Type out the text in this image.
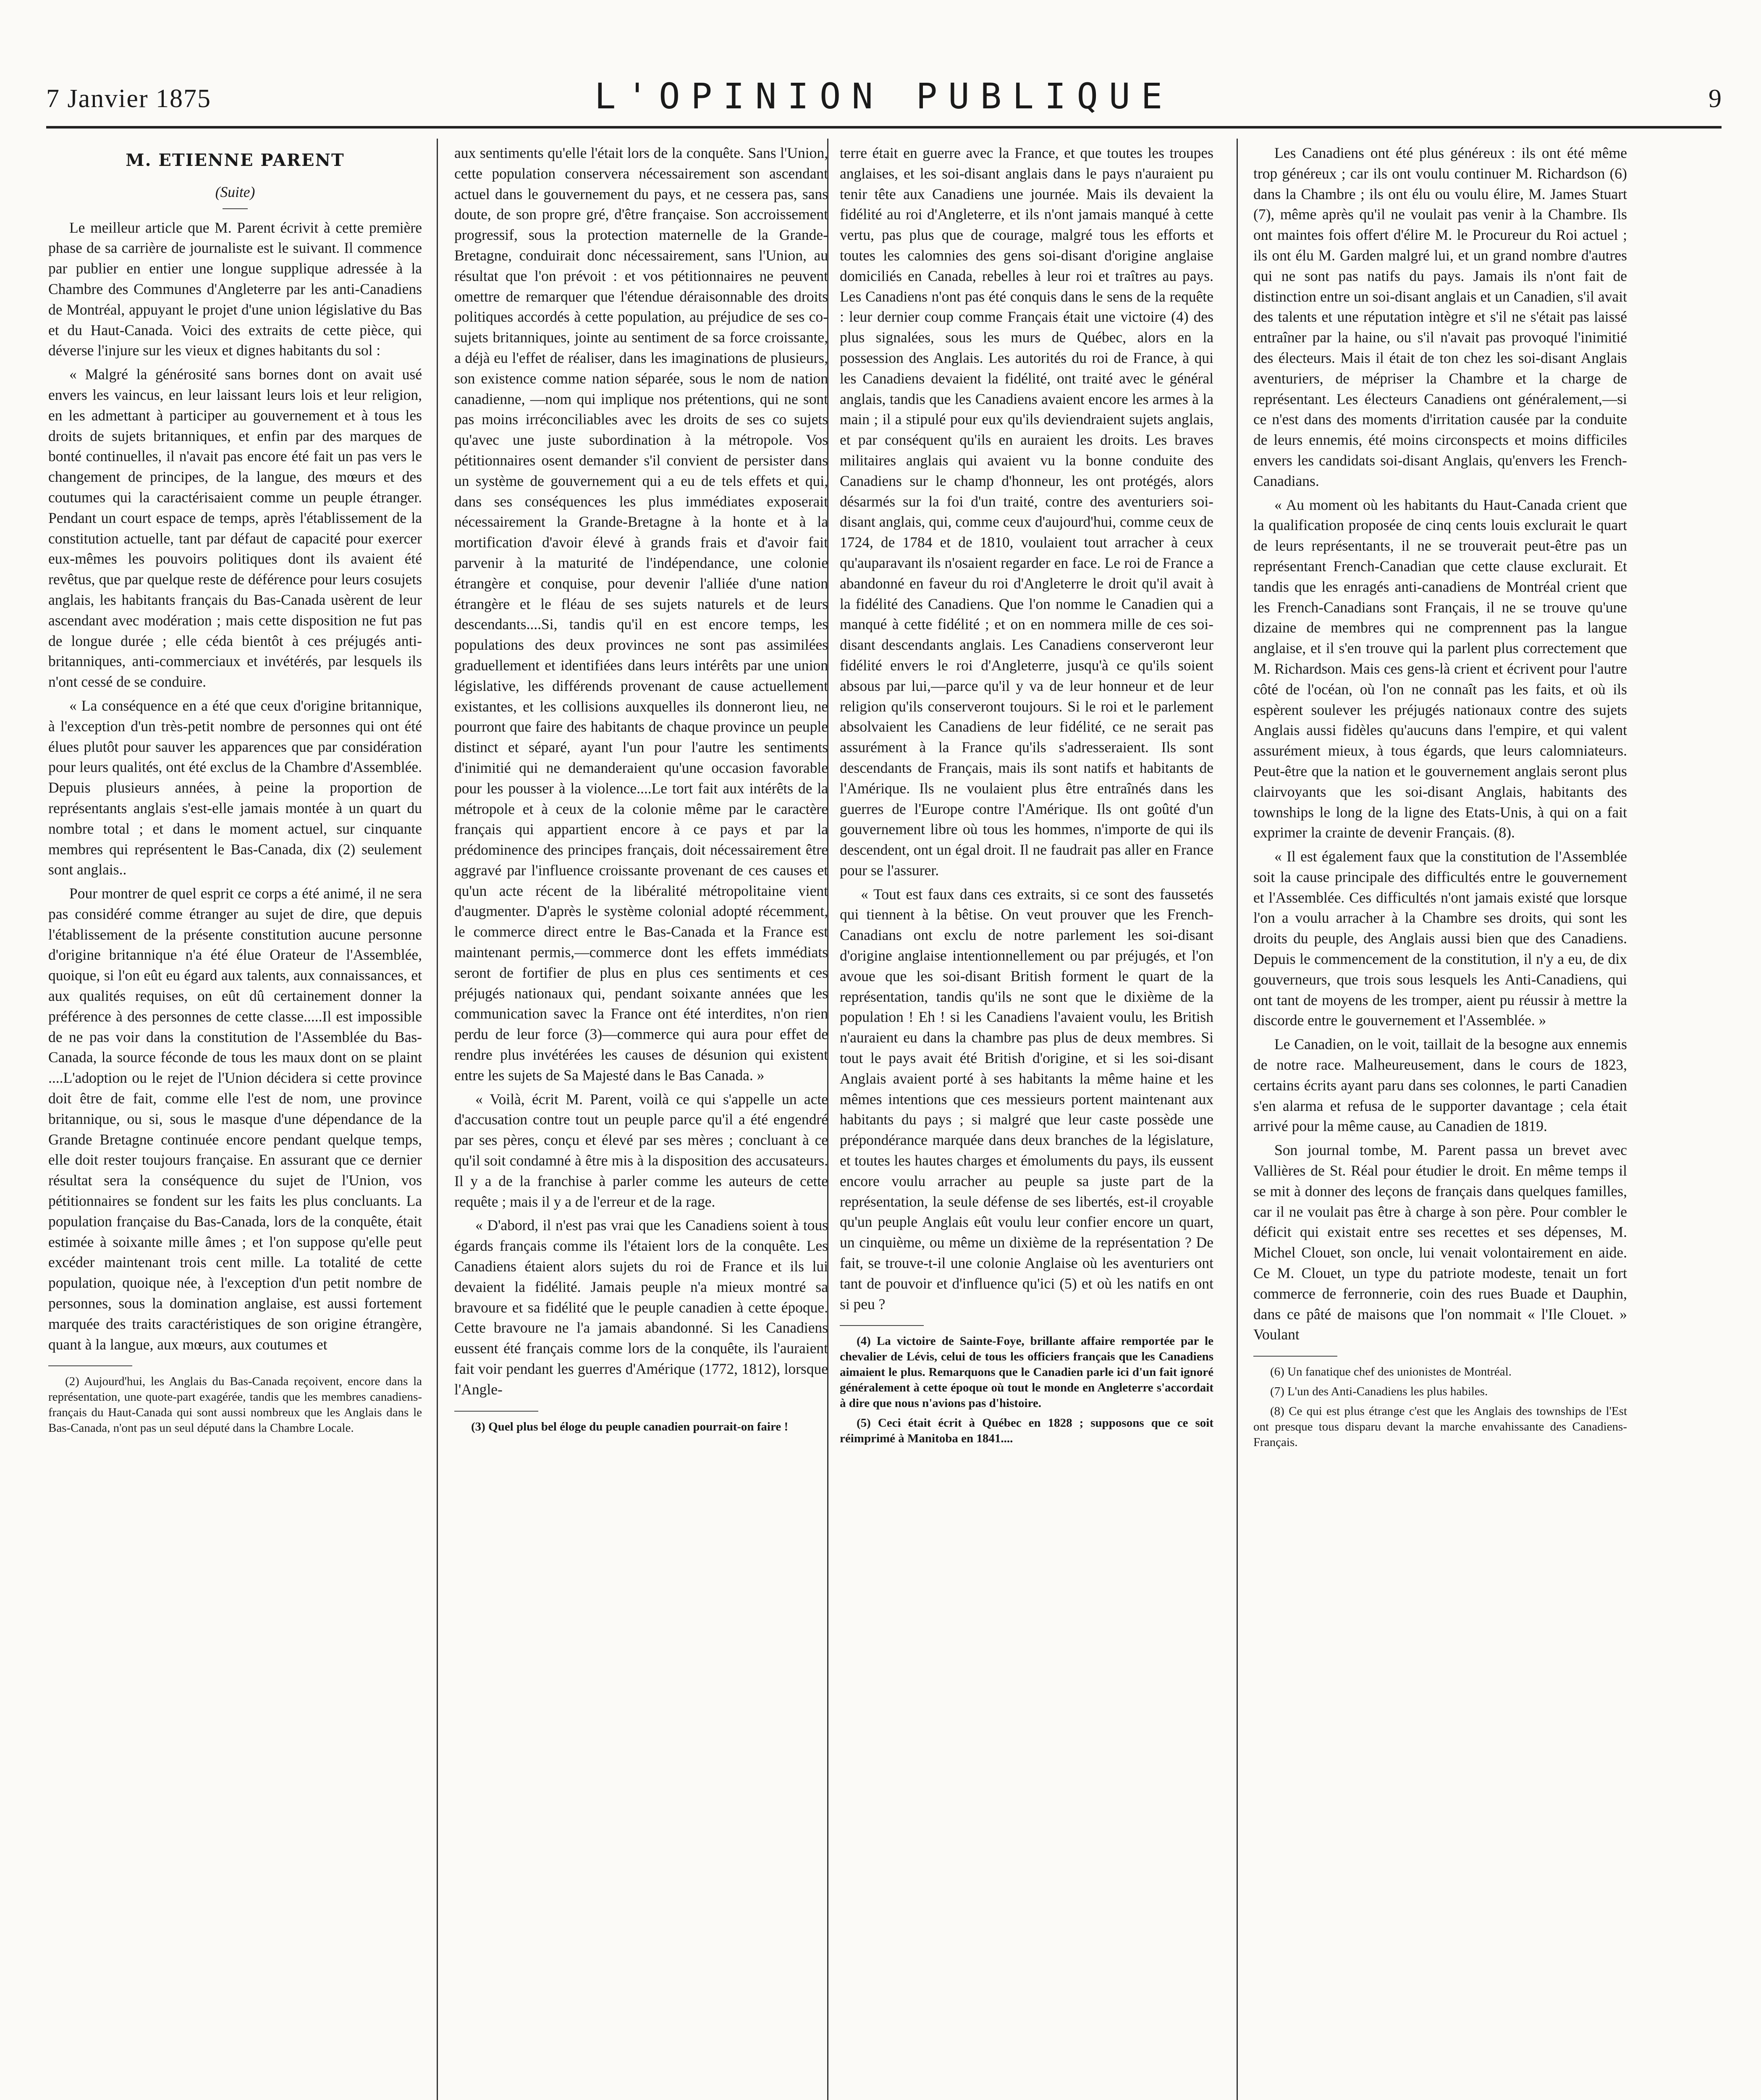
7 Janvier 1875	L'OPINION PUBLIQUE	9
M. ETIENNE PARENT
(Suite)

Le meilleur article que M. Parent écrivit à cette première phase de sa carrière de journaliste est le suivant. Il commence par publier en entier une longue supplique adressée à la Chambre des Communes d'Angleterre par les anti-Canadiens de Montréal, appuyant le projet d'une union législative du Bas et du Haut-Canada. Voici des extraits de cette pièce, qui déverse l'injure sur les vieux et dignes habitants du sol :

« Malgré la générosité sans bornes dont on avait usé envers les vaincus, en leur laissant leurs lois et leur religion, en les admettant à participer au gouvernement et à tous les droits de sujets britanniques, et enfin par des marques de bonté continuelles, il n'avait pas encore été fait un pas vers le changement de principes, de la langue, des mœurs et des coutumes qui la caractérisaient comme un peuple étranger. Pendant un court espace de temps, après l'établissement de la constitution actuelle, tant par défaut de capacité pour exercer eux-mêmes les pouvoirs politiques dont ils avaient été revêtus, que par quelque reste de déférence pour leurs cosujets anglais, les habitants français du Bas-Canada usèrent de leur ascendant avec modération ; mais cette disposition ne fut pas de longue durée ; elle céda bientôt à ces préjugés anti-britanniques, anti-commerciaux et invétérés, par lesquels ils n'ont cessé de se conduire.

« La conséquence en a été que ceux d'origine britannique, à l'exception d'un très-petit nombre de personnes qui ont été élues plutôt pour sauver les apparences que par considération pour leurs qualités, ont été exclus de la Chambre d'Assemblée. Depuis plusieurs années, à peine la proportion de représentants anglais s'est-elle jamais montée à un quart du nombre total ; et dans le moment actuel, sur cinquante membres qui représentent le Bas-Canada, dix (2) seulement sont anglais..

Pour montrer de quel esprit ce corps a été animé, il ne sera pas considéré comme étranger au sujet de dire, que depuis l'établissement de la présente constitution aucune personne d'origine britannique n'a été élue Orateur de l'Assemblée, quoique, si l'on eût eu égard aux talents, aux connaissances, et aux qualités requises, on eût dû certainement donner la préférence à des personnes de cette classe.....Il est impossible de ne pas voir dans la constitution de l'Assemblée du Bas-Canada, la source féconde de tous les maux dont on se plaint ....L'adoption ou le rejet de l'Union décidera si cette province doit être de fait, comme elle l'est de nom, une province britannique, ou si, sous le masque d'une dépendance de la Grande Bretagne continuée encore pendant quelque temps, elle doit rester toujours française. En assurant que ce dernier résultat sera la conséquence du sujet de l'Union, vos pétitionnaires se fondent sur les faits les plus concluants. La population française du Bas-Canada, lors de la conquête, était estimée à soixante mille âmes ; et l'on suppose qu'elle peut excéder maintenant trois cent mille. La totalité de cette population, quoique née, à l'exception d'un petit nombre de personnes, sous la domination anglaise, est aussi fortement marquée des traits caractéristiques de son origine étrangère, quant à la langue, aux mœurs, aux coutumes et

(2) Aujourd'hui, les Anglais du Bas-Canada reçoivent, encore dans la représentation, une quote-part exagérée, tandis que les membres canadiens-français du Haut-Canada qui sont aussi nombreux que les Anglais dans le Bas-Canada, n'ont pas un seul député dans la Chambre Locale.

aux sentiments qu'elle l'était lors de la conquête. Sans l'Union, cette population conservera nécessairement son ascendant actuel dans le gouvernement du pays, et ne cessera pas, sans doute, de son propre gré, d'être française. Son accroissement progressif, sous la protection maternelle de la Grande-Bretagne, conduirait donc nécessairement, sans l'Union, au résultat que l'on prévoit : et vos pétitionnaires ne peuvent omettre de remarquer que l'étendue déraisonnable des droits politiques accordés à cette population, au préjudice de ses co-sujets britanniques, jointe au sentiment de sa force croissante, a déjà eu l'effet de réaliser, dans les imaginations de plusieurs, son existence comme nation séparée, sous le nom de nation canadienne, —nom qui implique nos prétentions, qui ne sont pas moins irréconciliables avec les droits de ses co sujets qu'avec une juste subordination à la métropole. Vos pétitionnaires osent demander s'il convient de persister dans un système de gouvernement qui a eu de tels effets et qui, dans ses conséquences les plus immédiates exposerait nécessairement la Grande-Bretagne à la honte et à la mortification d'avoir élevé à grands frais et d'avoir fait parvenir à la maturité de l'indépendance, une colonie étrangère et conquise, pour devenir l'alliée d'une nation étrangère et le fléau de ses sujets naturels et de leurs descendants....Si, tandis qu'il en est encore temps, les populations des deux provinces ne sont pas assimilées graduellement et identifiées dans leurs intérêts par une union législative, les différends provenant de cause actuellement existantes, et les collisions auxquelles ils donneront lieu, ne pourront que faire des habitants de chaque province un peuple distinct et séparé, ayant l'un pour l'autre les sentiments d'inimitié qui ne demanderaient qu'une occasion favorable pour les pousser à la violence....Le tort fait aux intérêts de la métropole et à ceux de la colonie même par le caractère français qui appartient encore à ce pays et par la prédominence des principes français, doit nécessairement être aggravé par l'influence croissante provenant de ces causes et qu'un acte récent de la libéralité métropolitaine vient d'augmenter. D'après le système colonial adopté récemment, le commerce direct entre le Bas-Canada et la France est maintenant permis,—commerce dont les effets immédiats seront de fortifier de plus en plus ces sentiments et ces préjugés nationaux qui, pendant soixante années que les communication savec la France ont été interdites, n'on rien perdu de leur force (3)—commerce qui aura pour effet de rendre plus invétérées les causes de désunion qui existent entre les sujets de Sa Majesté dans le Bas Canada. »

« Voilà, écrit M. Parent, voilà ce qui s'appelle un acte d'accusation contre tout un peuple parce qu'il a été engendré par ses pères, conçu et élevé par ses mères ; concluant à ce qu'il soit condamné à être mis à la disposition des accusateurs. Il y a de la franchise à parler comme les auteurs de cette requête ; mais il y a de l'erreur et de la rage.

« D'abord, il n'est pas vrai que les Canadiens soient à tous égards français comme ils l'étaient lors de la conquête. Les Canadiens étaient alors sujets du roi de France et ils lui devaient la fidélité. Jamais peuple n'a mieux montré sa bravoure et sa fidélité que le peuple canadien à cette époque. Cette bravoure ne l'a jamais abandonné. Si les Canadiens eussent été français comme lors de la conquête, ils l'auraient fait voir pendant les guerres d'Amérique (1772, 1812), lorsque l'Angle-

(3) Quel plus bel éloge du peuple canadien pourrait-on faire !

terre était en guerre avec la France, et que toutes les troupes anglaises, et les soi-disant anglais dans le pays n'auraient pu tenir tête aux Canadiens une journée. Mais ils devaient la fidélité au roi d'Angleterre, et ils n'ont jamais manqué à cette vertu, pas plus que de courage, malgré tous les efforts et toutes les calomnies des gens soi-disant d'origine anglaise domiciliés en Canada, rebelles à leur roi et traîtres au pays. Les Canadiens n'ont pas été conquis dans le sens de la requête : leur dernier coup comme Français était une victoire (4) des plus signalées, sous les murs de Québec, alors en la possession des Anglais. Les autorités du roi de France, à qui les Canadiens devaient la fidélité, ont traité avec le général anglais, tandis que les Canadiens avaient encore les armes à la main ; il a stipulé pour eux qu'ils deviendraient sujets anglais, et par conséquent qu'ils en auraient les droits. Les braves militaires anglais qui avaient vu la bonne conduite des Canadiens sur le champ d'honneur, les ont protégés, alors désarmés sur la foi d'un traité, contre des aventuriers soi-disant anglais, qui, comme ceux d'aujourd'hui, comme ceux de 1724, de 1784 et de 1810, voulaient tout arracher à ceux qu'auparavant ils n'osaient regarder en face. Le roi de France a abandonné en faveur du roi d'Angleterre le droit qu'il avait à la fidélité des Canadiens. Que l'on nomme le Canadien qui a manqué à cette fidélité ; et on en nommera mille de ces soi-disant descendants anglais. Les Canadiens conserveront leur fidélité envers le roi d'Angleterre, jusqu'à ce qu'ils soient absous par lui,—parce qu'il y va de leur honneur et de leur religion qu'ils conserveront toujours. Si le roi et le parlement absolvaient les Canadiens de leur fidélité, ce ne serait pas assurément à la France qu'ils s'adresseraient. Ils sont descendants de Français, mais ils sont natifs et habitants de l'Amérique. Ils ne voulaient plus être entraînés dans les guerres de l'Europe contre l'Amérique. Ils ont goûté d'un gouvernement libre où tous les hommes, n'importe de qui ils descendent, ont un égal droit. Il ne faudrait pas aller en France pour se l'assurer.

« Tout est faux dans ces extraits, si ce sont des faussetés qui tiennent à la bêtise. On veut prouver que les French-Canadians ont exclu de notre parlement les soi-disant d'origine anglaise intentionnellement ou par préjugés, et l'on avoue que les soi-disant British forment le quart de la représentation, tandis qu'ils ne sont que le dixième de la population ! Eh ! si les Canadiens l'avaient voulu, les British n'auraient eu dans la chambre pas plus de deux membres. Si tout le pays avait été British d'origine, et si les soi-disant Anglais avaient porté à ses habitants la même haine et les mêmes intentions que ces messieurs portent maintenant aux habitants du pays ; si malgré que leur caste possède une prépondérance marquée dans deux branches de la législature, et toutes les hautes charges et émoluments du pays, ils eussent encore voulu arracher au peuple sa juste part de la représentation, la seule défense de ses libertés, est-il croyable qu'un peuple Anglais eût voulu leur confier encore un quart, un cinquième, ou même un dixième de la représentation ? De fait, se trouve-t-il une colonie Anglaise où les aventuriers ont tant de pouvoir et d'influence qu'ici (5) et où les natifs en ont si peu ?

(4) La victoire de Sainte-Foye, brillante affaire remportée par le chevalier de Lévis, celui de tous les officiers français que les Canadiens aimaient le plus. Remarquons que le Canadien parle ici d'un fait ignoré généralement à cette époque où tout le monde en Angleterre s'accordait à dire que nous n'avions pas d'histoire.
(5) Ceci était écrit à Québec en 1828 ; supposons que ce soit réimprimé à Manitoba en 1841....

Les Canadiens ont été plus généreux : ils ont été même trop généreux ; car ils ont voulu continuer M. Richardson (6) dans la Chambre ; ils ont élu ou voulu élire, M. James Stuart (7), même après qu'il ne voulait pas venir à la Chambre. Ils ont maintes fois offert d'élire M. le Procureur du Roi actuel ; ils ont élu M. Garden malgré lui, et un grand nombre d'autres qui ne sont pas natifs du pays. Jamais ils n'ont fait de distinction entre un soi-disant anglais et un Canadien, s'il avait des talents et une réputation intègre et s'il ne s'était pas laissé entraîner par la haine, ou s'il n'avait pas provoqué l'inimitié des électeurs. Mais il était de ton chez les soi-disant Anglais aventuriers, de mépriser la Chambre et la charge de représentant. Les électeurs Canadiens ont généralement,—si ce n'est dans des moments d'irritation causée par la conduite de leurs ennemis, été moins circonspects et moins difficiles envers les candidats soi-disant Anglais, qu'envers les French-Canadians.

« Au moment où les habitants du Haut-Canada crient que la qualification proposée de cinq cents louis exclurait le quart de leurs représentants, il ne se trouverait peut-être pas un représentant French-Canadian que cette clause exclurait. Et tandis que les enragés anti-canadiens de Montréal crient que les French-Canadians sont Français, il ne se trouve qu'une dizaine de membres qui ne comprennent pas la langue anglaise, et il s'en trouve qui la parlent plus correctement que M. Richardson. Mais ces gens-là crient et écrivent pour l'autre côté de l'océan, où l'on ne connaît pas les faits, et où ils espèrent soulever les préjugés nationaux contre des sujets Anglais aussi fidèles qu'aucuns dans l'empire, et qui valent assurément mieux, à tous égards, que leurs calomniateurs. Peut-être que la nation et le gouvernement anglais seront plus clairvoyants que les soi-disant Anglais, habitants des townships le long de la ligne des Etats-Unis, à qui on a fait exprimer la crainte de devenir Français. (8).

« Il est également faux que la constitution de l'Assemblée soit la cause principale des difficultés entre le gouvernement et l'Assemblée. Ces difficultés n'ont jamais existé que lorsque l'on a voulu arracher à la Chambre ses droits, qui sont les droits du peuple, des Anglais aussi bien que des Canadiens. Depuis le commencement de la constitution, il n'y a eu, de dix gouverneurs, que trois sous lesquels les Anti-Canadiens, qui ont tant de moyens de les tromper, aient pu réussir à mettre la discorde entre le gouvernement et l'Assemblée. »

Le Canadien, on le voit, taillait de la besogne aux ennemis de notre race. Malheureusement, dans le cours de 1823, certains écrits ayant paru dans ses colonnes, le parti Canadien s'en alarma et refusa de le supporter davantage ; cela était arrivé pour la même cause, au Canadien de 1819.

Son journal tombe, M. Parent passa un brevet avec Vallières de St. Réal pour étudier le droit. En même temps il se mit à donner des leçons de français dans quelques familles, car il ne voulait pas être à charge à son père. Pour combler le déficit qui existait entre ses recettes et ses dépenses, M. Michel Clouet, son oncle, lui venait volontairement en aide. Ce M. Clouet, un type du patriote modeste, tenait un fort commerce de ferronnerie, coin des rues Buade et Dauphin, dans ce pâté de maisons que l'on nommait « l'Ile Clouet. » Voulant

(6) Un fanatique chef des unionistes de Montréal.
(7) L'un des Anti-Canadiens les plus habiles.
(8) Ce qui est plus étrange c'est que les Anglais des townships de l'Est ont presque tous disparu devant la marche envahissante des Canadiens-Français.
